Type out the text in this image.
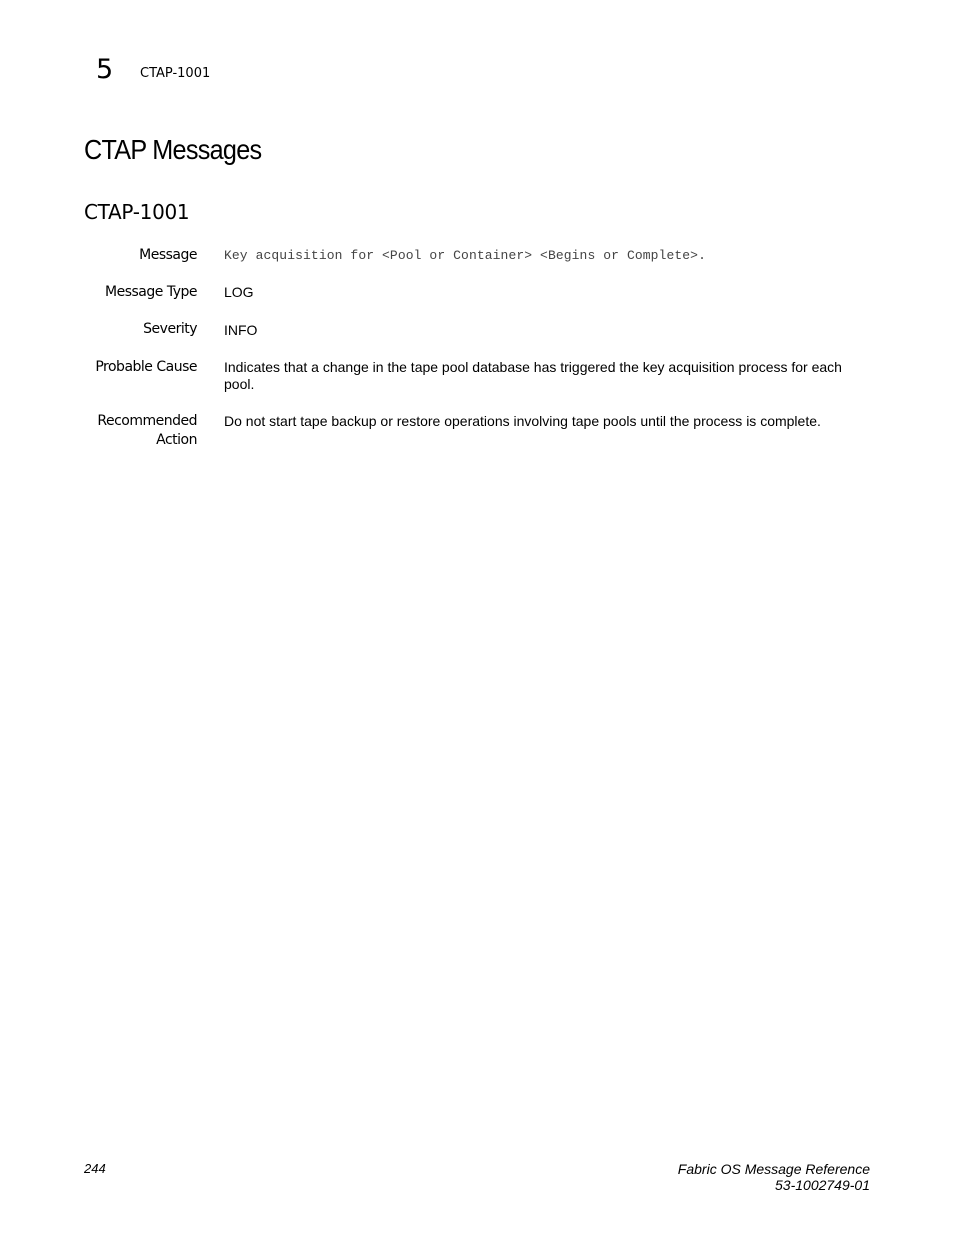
5 CTAP-1001
CTAP Messages
CTAP-1001
Message Key acquisition for <Pool or Container> <Begins or Complete>.
Message Type LOG
Severity INFO
Probable Cause Indicates that a change in the tape pool database has triggered the key acquisition process for each pool.
Recommended
Action
Do not start tape backup or restore operations involving tape pools until the process is complete.
244	Fabric OS Message Reference
53-1002749-01
